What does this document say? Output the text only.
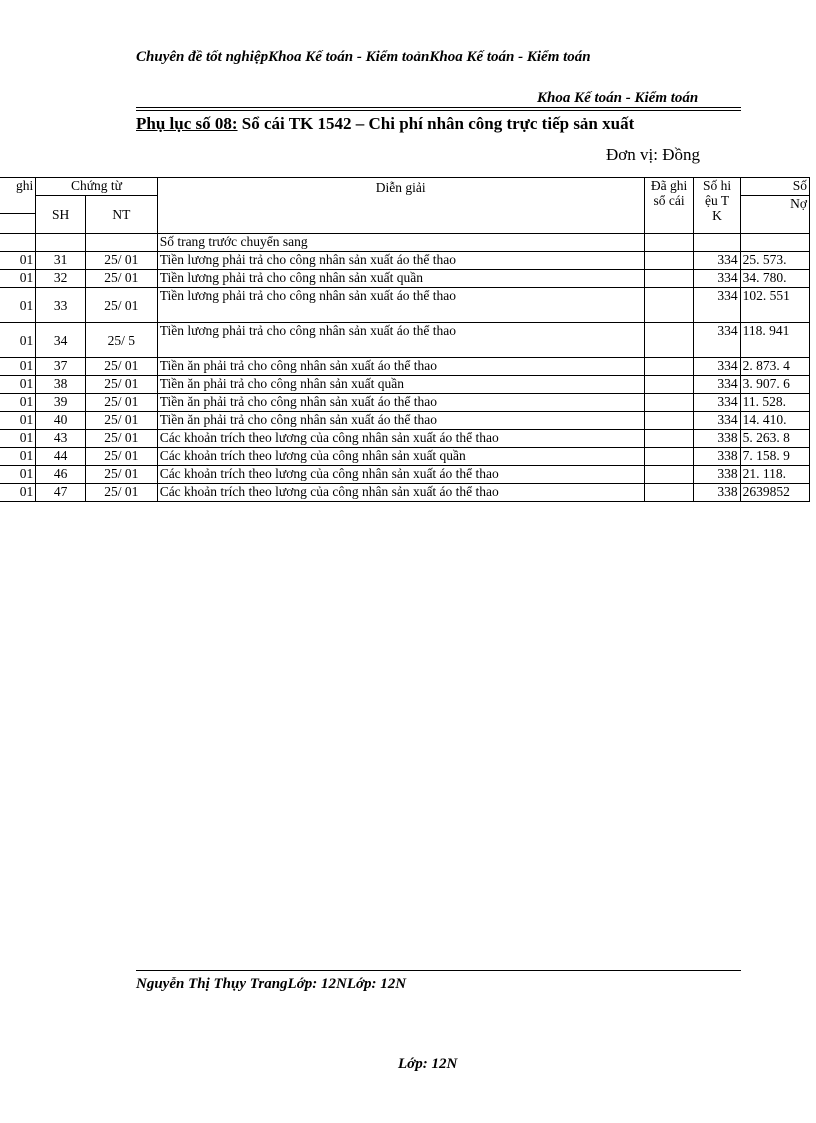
Chuyên đề tốt nghiệpKhoa Kế toán - Kiểm toảnKhoa Kế toán - Kiểm toán
Khoa Kế toán - Kiểm toán
Phụ lục số 08: Sổ cái TK 1542 – Chi phí nhân công trực tiếp sản xuất
Đơn vị: Đồng
ghi	Chứng từ		Diễn giải	Đã ghi sổ cái	Số hiệu TK	Số
	SH	NT				Nợ

			Số trang trước chuyển sang			
01	31	25/ 01	Tiền lương phải trả cho công nhân sản xuất áo thể thao		334	25. 573.
01	32	25/ 01	Tiền lương phải trả cho công nhân sản xuất quần		334	34. 780.
01	33	25/ 01	Tiền lương phải trả cho công nhân sản xuất áo thể thao		334	102. 551
01	34	25/ 5	Tiền lương phải trả cho công nhân sản xuất áo thể thao		334	118. 941
01	37	25/ 01	Tiền ăn phải trả cho công nhân sản xuất áo thể thao		334	2. 873. 4
01	38	25/ 01	Tiền ăn phải trả cho công nhân sản xuất quần		334	3. 907. 6
01	39	25/ 01	Tiền ăn phải trả cho công nhân sản xuất áo thể thao		334	11. 528.
01	40	25/ 01	Tiền ăn phải trả cho công nhân sản xuất áo thể thao		334	14. 410.
01	43	25/ 01	Các khoản trích theo lương của công nhân sản xuất áo thể thao		338	5. 263. 8
01	44	25/ 01	Các khoản trích theo lương của công nhân sản xuất quần		338	7. 158. 9
01	46	25/ 01	Các khoản trích theo lương của công nhân sản xuất áo thể thao		338	21. 118.
01	47	25/ 01	Các khoản trích theo lương của công nhân sản xuất áo thể thao		338	2639852
Nguyễn Thị Thụy TrangLớp: 12NLớp: 12N
Lớp: 12N
